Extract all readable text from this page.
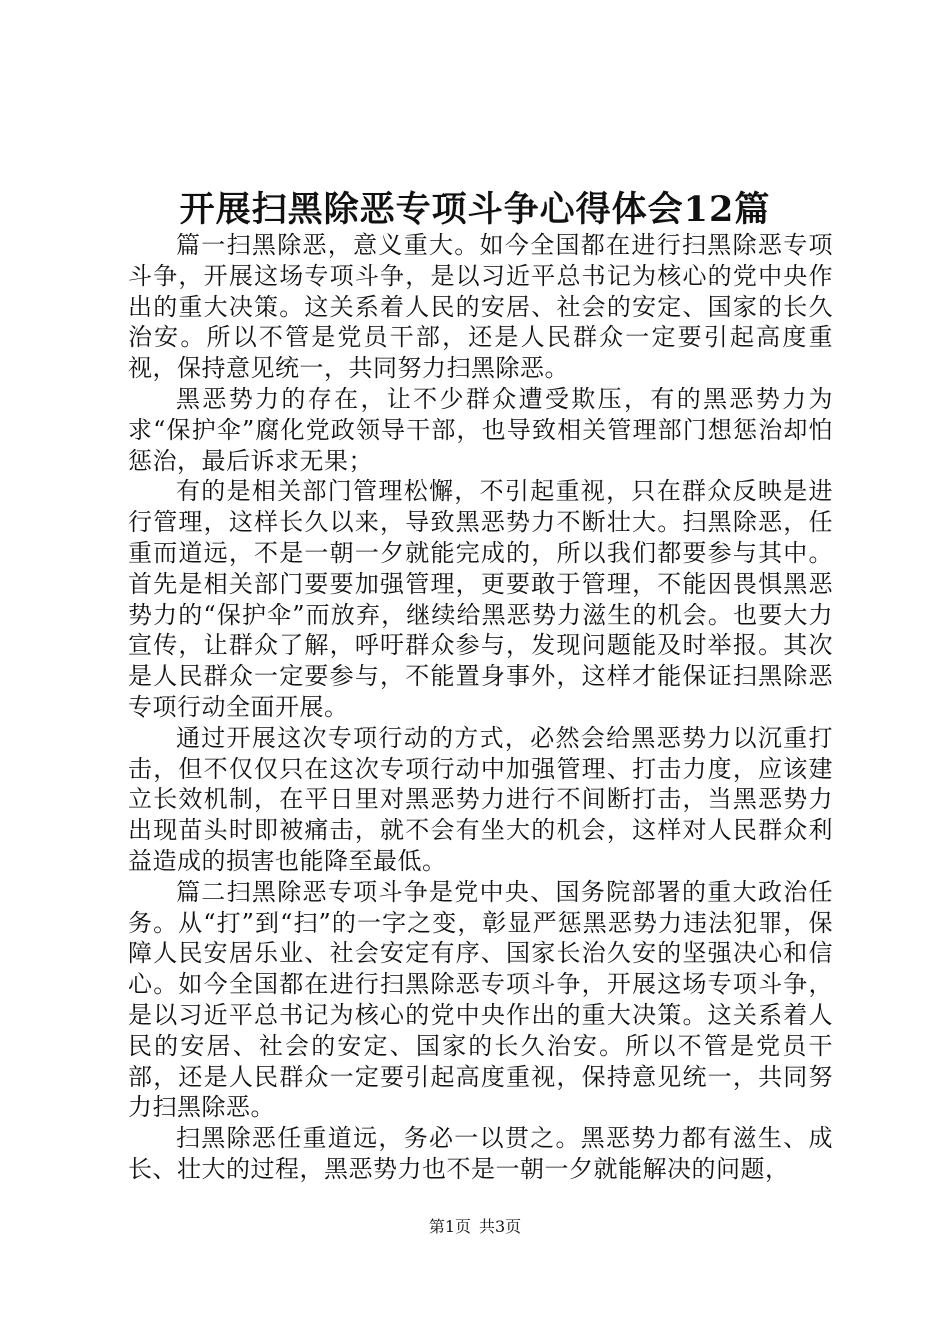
开展扫黑除恶专项斗争心得体会12篇

篇一扫黑除恶，意义重大。如今全国都在进行扫黑除恶专项斗争，开展这场专项斗争，是以习近平总书记为核心的党中央作出的重大决策。这关系着人民的安居、社会的安定、国家的长久治安。所以不管是党员干部，还是人民群众一定要引起高度重视，保持意见统一，共同努力扫黑除恶。

黑恶势力的存在，让不少群众遭受欺压，有的黑恶势力为求“保护伞”腐化党政领导干部，也导致相关管理部门想惩治却怕惩治，最后诉求无果；

有的是相关部门管理松懈，不引起重视，只在群众反映是进行管理，这样长久以来，导致黑恶势力不断壮大。扫黑除恶，任重而道远，不是一朝一夕就能完成的，所以我们都要参与其中。首先是相关部门要要加强管理，更要敢于管理，不能因畏惧黑恶势力的“保护伞”而放弃，继续给黑恶势力滋生的机会。也要大力宣传，让群众了解，呼吁群众参与，发现问题能及时举报。其次是人民群众一定要参与，不能置身事外，这样才能保证扫黑除恶专项行动全面开展。

通过开展这次专项行动的方式，必然会给黑恶势力以沉重打击，但不仅仅只在这次专项行动中加强管理、打击力度，应该建立长效机制，在平日里对黑恶势力进行不间断打击，当黑恶势力出现苗头时即被痛击，就不会有坐大的机会，这样对人民群众利益造成的损害也能降至最低。

篇二扫黑除恶专项斗争是党中央、国务院部署的重大政治任务。从“打”到“扫”的一字之变，彰显严惩黑恶势力违法犯罪，保障人民安居乐业、社会安定有序、国家长治久安的坚强决心和信心。如今全国都在进行扫黑除恶专项斗争，开展这场专项斗争，是以习近平总书记为核心的党中央作出的重大决策。这关系着人民的安居、社会的安定、国家的长久治安。所以不管是党员干部，还是人民群众一定要引起高度重视，保持意见统一，共同努力扫黑除恶。

扫黑除恶任重道远，务必一以贯之。黑恶势力都有滋生、成长、壮大的过程，黑恶势力也不是一朝一夕就能解决的问题，

第1页 共3页
